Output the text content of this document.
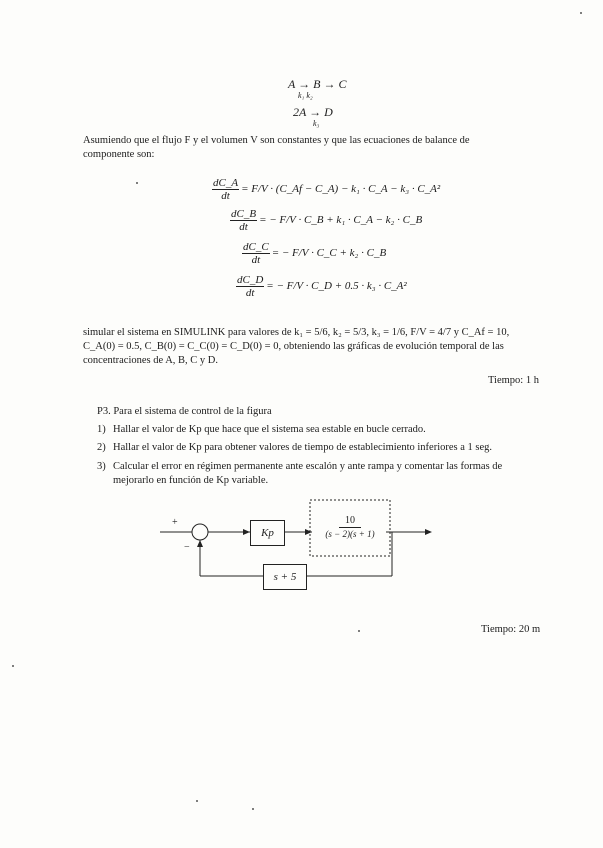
A → B → C
k₁ k₂
2A → D
k₃
Asumiendo que el flujo F y el volumen V son constantes y que las ecuaciones de balance de
componente son:
$\frac{dC\_A}{dt} = F/V$ · (C_Af − C_A) − k₁ · C_A − k₃ · C_A²
$\frac{dC\_B}{dt}$ = − F/V · C_B + k₁ · C_A − k₂ · C_B
$\frac{dC\_C}{dt}$ = − F/V · C_C + k₂ · C_B
$\frac{dC\_D}{dt}$ = − F/V · C_D + 0.5 · k₃ · C_A²
simular el sistema en SIMULINK para valores de k₁ = 5/6, k₂ = 5/3, k₃ = 1/6, F/V = 4/7 y C_Af = 10,
C_A(0) = 0.5, C_B(0) = C_C(0) = C_D(0) = 0, obteniendo las gráficas de evolución temporal de las
concentraciones de A, B, C y D.
Tiempo: 1 h
P3. Para el sistema de control de la figura
1) Hallar el valor de Kp que hace que el sistema sea estable en bucle cerrado.
2) Hallar el valor de Kp para obtener valores de tiempo de establecimiento inferiores a 1 seg.
3) Calcular el error en régimen permanente ante escalón y ante rampa y comentar las formas de
mejorarlo en función de Kp variable.
+
−
Kp	$\frac{10}{(s - 2)(s + 1)}$
s + 5
Tiempo: 20 m
